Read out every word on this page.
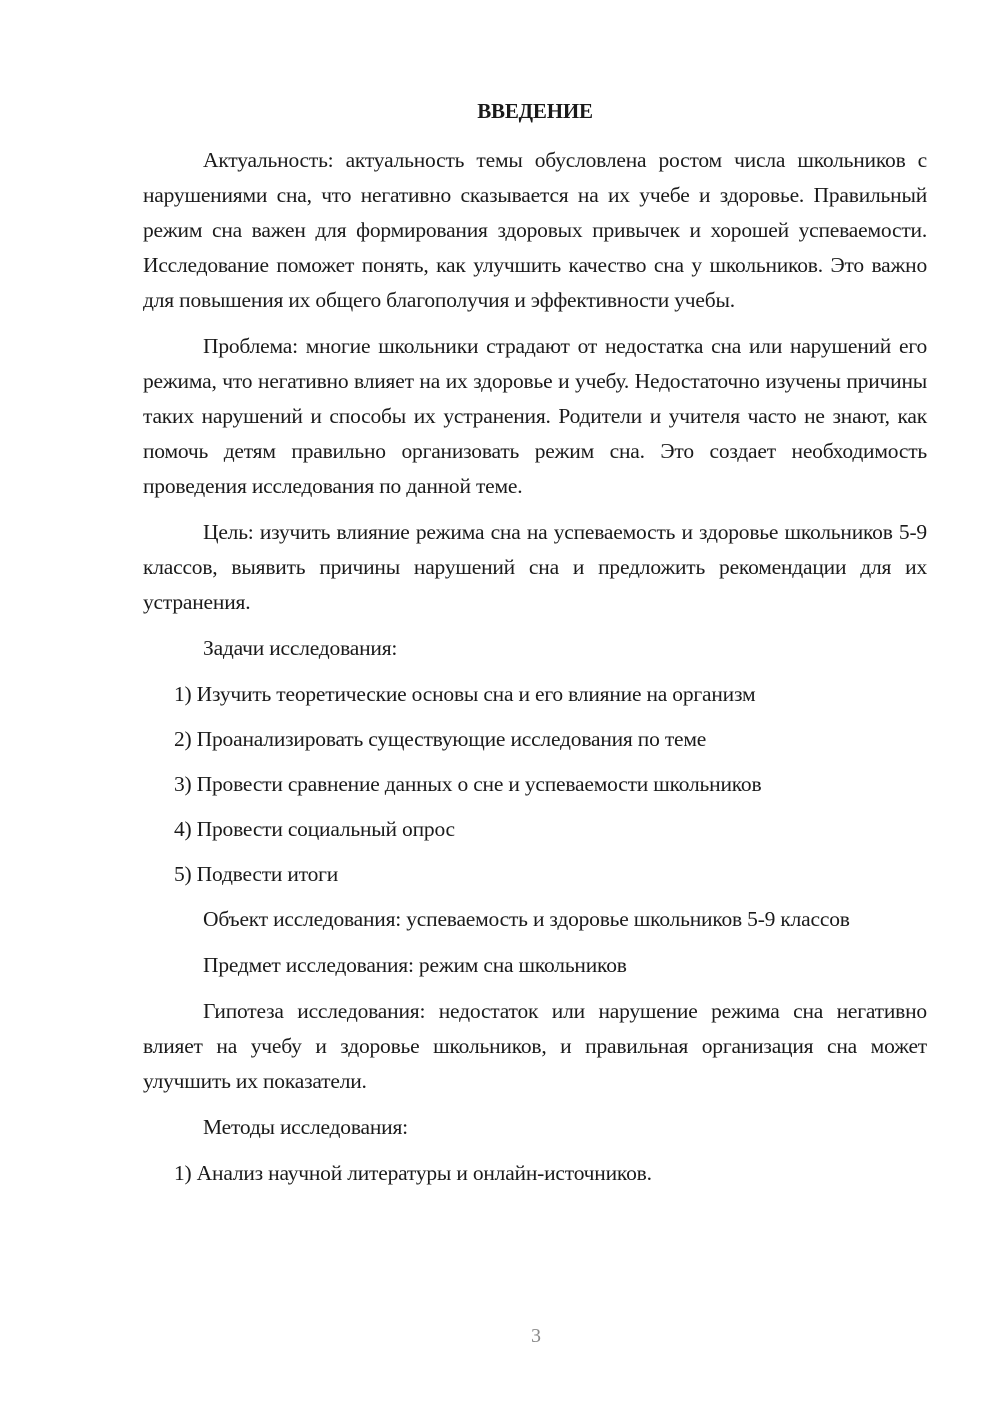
ВВЕДЕНИЕ

Актуальность: актуальность темы обусловлена ростом числа школьников с нарушениями сна, что негативно сказывается на их учебе и здоровье. Правильный режим сна важен для формирования здоровых привычек и хорошей успеваемости. Исследование поможет понять, как улучшить качество сна у школьников. Это важно для повышения их общего благополучия и эффективности учебы.

Проблема: многие школьники страдают от недостатка сна или нарушений его режима, что негативно влияет на их здоровье и учебу. Недостаточно изучены причины таких нарушений и способы их устранения. Родители и учителя часто не знают, как помочь детям правильно организовать режим сна. Это создает необходимость проведения исследования по данной теме.

Цель: изучить влияние режима сна на успеваемость и здоровье школьников 5-9 классов, выявить причины нарушений сна и предложить рекомендации для их устранения.

Задачи исследования:

1) Изучить теоретические основы сна и его влияние на организм

2) Проанализировать существующие исследования по теме

3) Провести сравнение данных о сне и успеваемости школьников

4) Провести социальный опрос

5) Подвести итоги

Объект исследования: успеваемость и здоровье школьников 5-9 классов

Предмет исследования: режим сна школьников

Гипотеза исследования: недостаток или нарушение режима сна негативно влияет на учебу и здоровье школьников, и правильная организация сна может улучшить их показатели.

Методы исследования:

1) Анализ научной литературы и онлайн-источников.

3
